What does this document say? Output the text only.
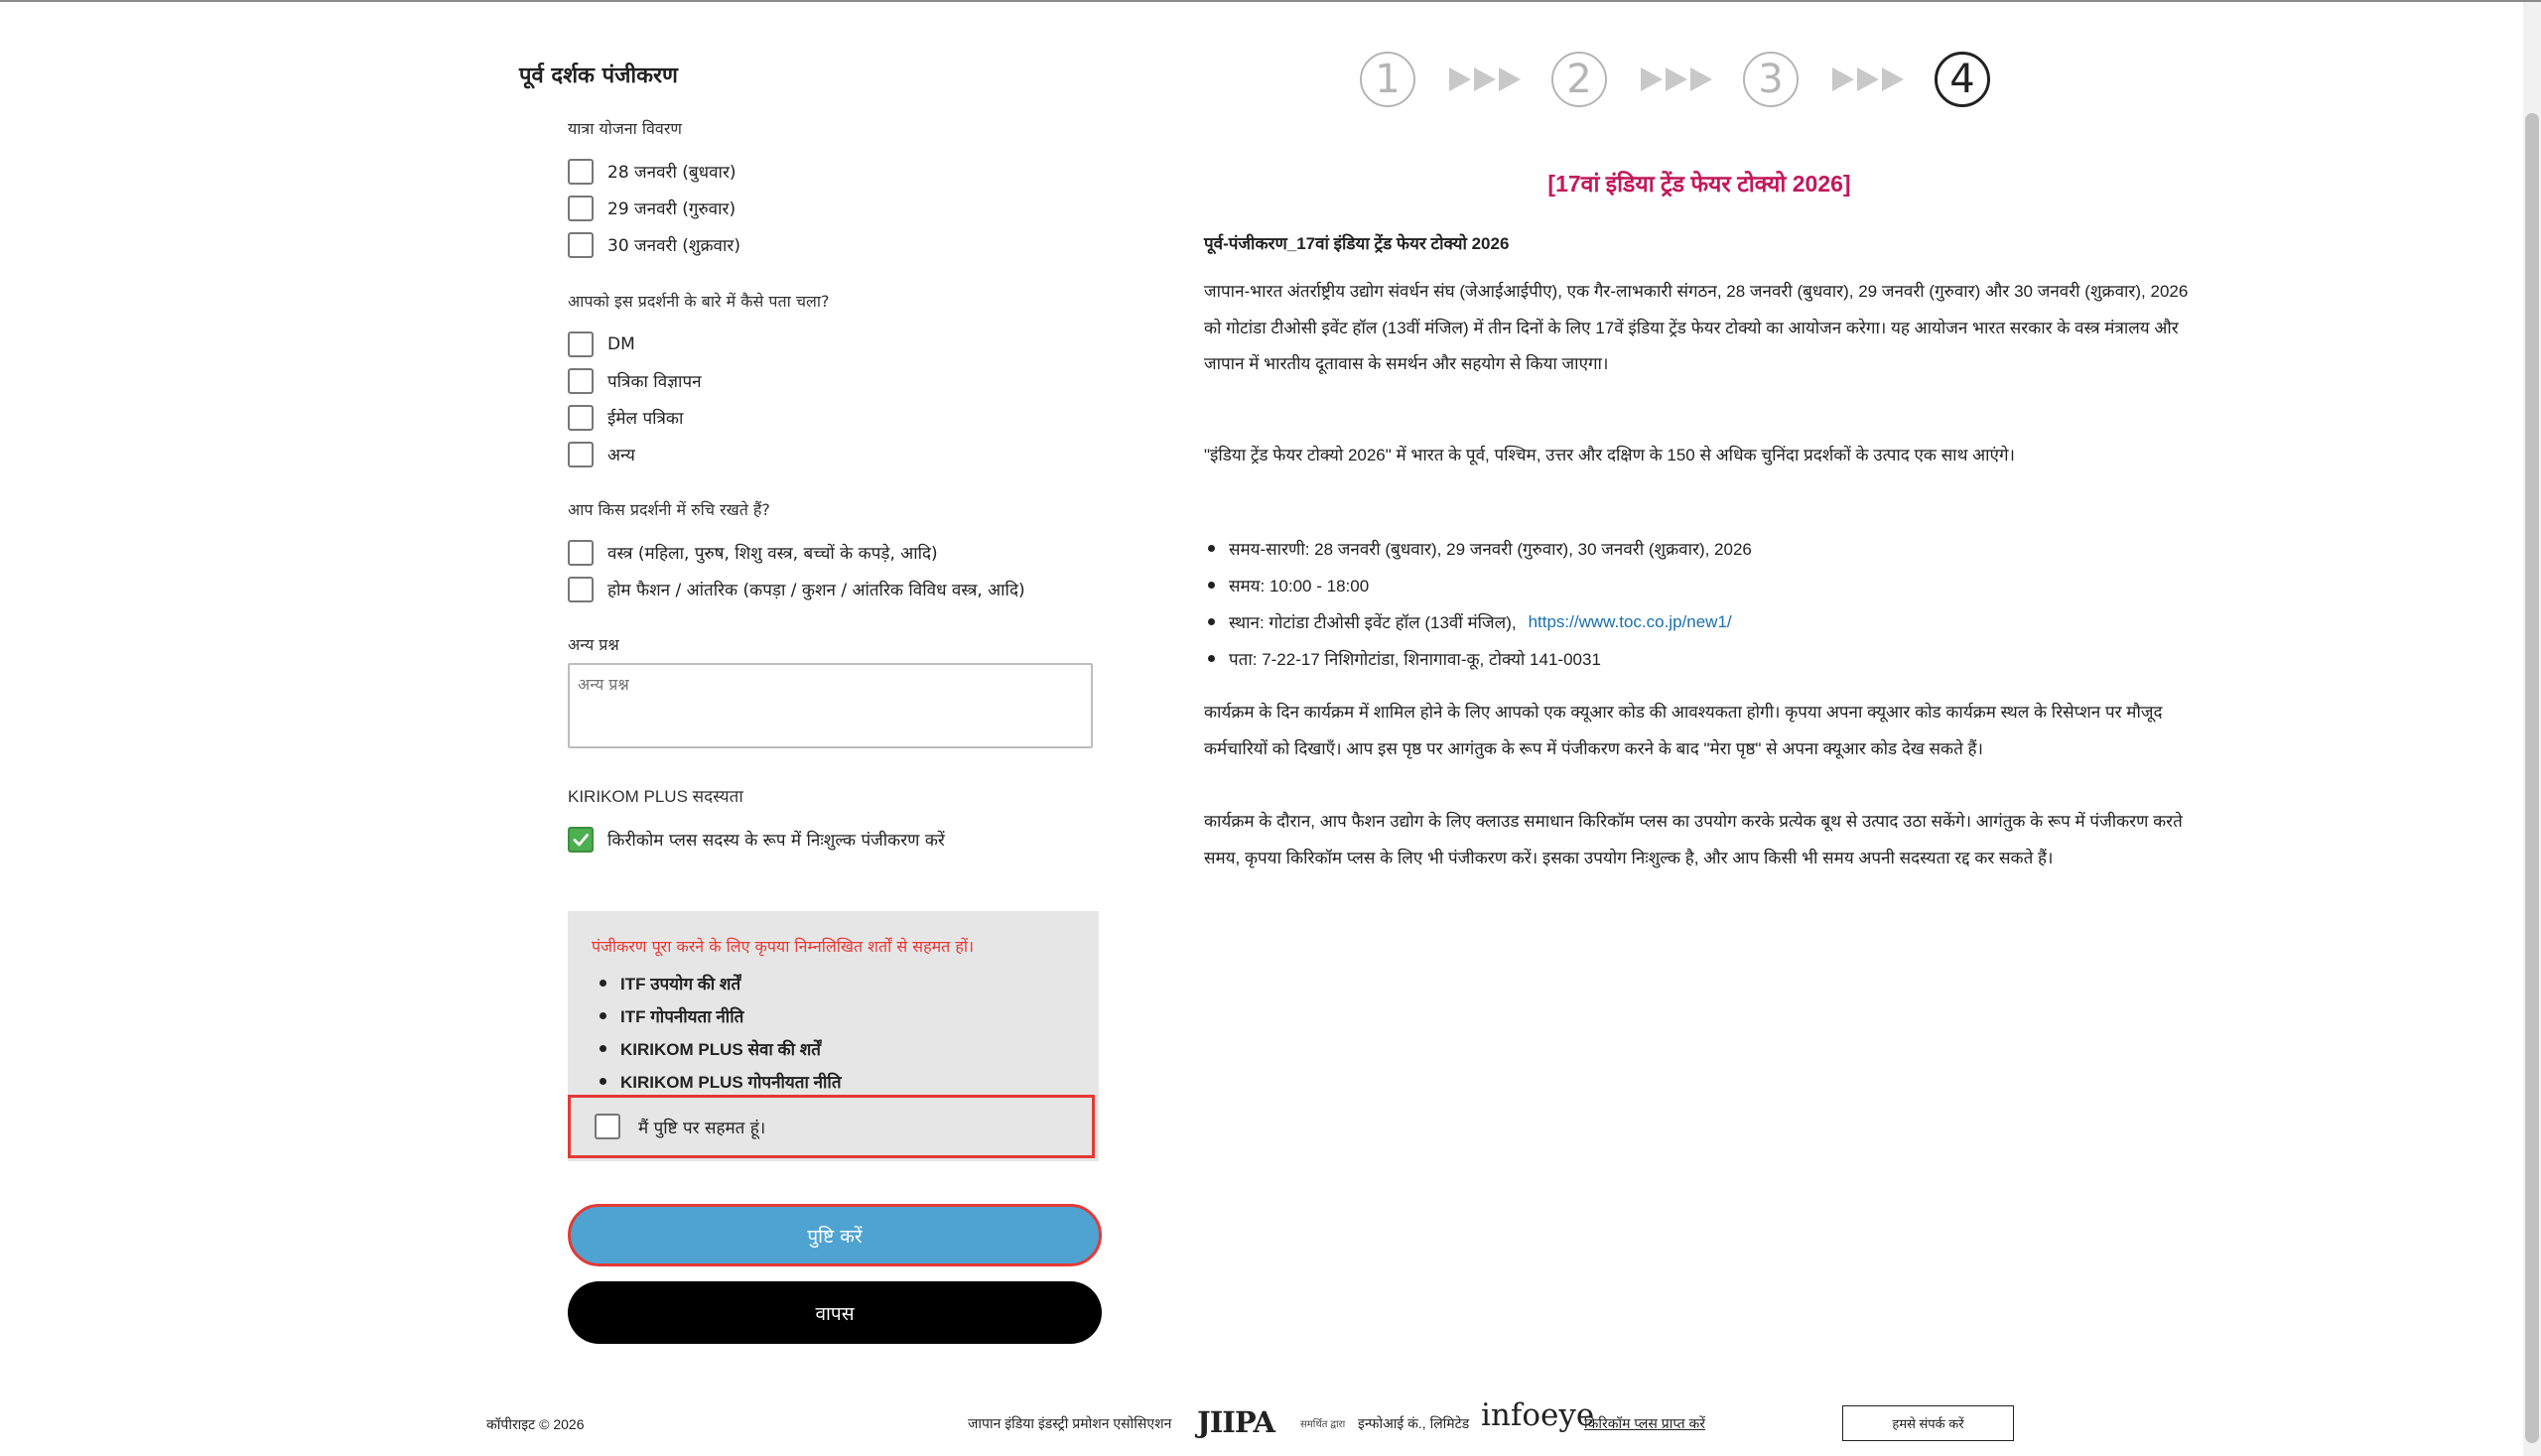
पूर्व दर्शक पंजीकरण
यात्रा योजना विवरण
28 जनवरी (बुधवार)
29 जनवरी (गुरुवार)
30 जनवरी (शुक्रवार)
आपको इस प्रदर्शनी के बारे में कैसे पता चला?
DM
पत्रिका विज्ञापन
ईमेल पत्रिका
अन्य
आप किस प्रदर्शनी में रुचि रखते हैं?
वस्त्र (महिला, पुरुष, शिशु वस्त्र, बच्चों के कपड़े, आदि)
होम फैशन / आंतरिक (कपड़ा / कुशन / आंतरिक विविध वस्त्र, आदि)
अन्य प्रश्न
अन्य प्रश्न
KIRIKOM PLUS सदस्यता
किरीकोम प्लस सदस्य के रूप में निःशुल्क पंजीकरण करें
पंजीकरण पूरा करने के लिए कृपया निम्नलिखित शर्तों से सहमत हों।
ITF उपयोग की शर्तें
ITF गोपनीयता नीति
KIRIKOM PLUS सेवा की शर्तें
KIRIKOM PLUS गोपनीयता नीति
मैं पुष्टि पर सहमत हूं।
पुष्टि करें
वापस
1	2	3	4
[17वां इंडिया ट्रेंड फेयर टोक्यो 2026]
पूर्व-पंजीकरण_17वां इंडिया ट्रेंड फेयर टोक्यो 2026

जापान-भारत अंतर्राष्ट्रीय उद्योग संवर्धन संघ (जेआईआईपीए), एक गैर-लाभकारी संगठन, 28 जनवरी (बुधवार), 29 जनवरी (गुरुवार) और 30 जनवरी (शुक्रवार), 2026 को गोटांडा टीओसी इवेंट हॉल (13वीं मंजिल) में तीन दिनों के लिए 17वें इंडिया ट्रेंड फेयर टोक्यो का आयोजन करेगा। यह आयोजन भारत सरकार के वस्त्र मंत्रालय और जापान में भारतीय दूतावास के समर्थन और सहयोग से किया जाएगा।

"इंडिया ट्रेंड फेयर टोक्यो 2026" में भारत के पूर्व, पश्चिम, उत्तर और दक्षिण के 150 से अधिक चुनिंदा प्रदर्शकों के उत्पाद एक साथ आएंगे।

समय-सारणी: 28 जनवरी (बुधवार), 29 जनवरी (गुरुवार), 30 जनवरी (शुक्रवार), 2026
समय: 10:00 - 18:00
स्थान: गोटांडा टीओसी इवेंट हॉल (13वीं मंजिल), https://www.toc.co.jp/new1/
पता: 7-22-17 निशिगोटांडा, शिनागावा-कू, टोक्यो 141-0031

कार्यक्रम के दिन कार्यक्रम में शामिल होने के लिए आपको एक क्यूआर कोड की आवश्यकता होगी। कृपया अपना क्यूआर कोड कार्यक्रम स्थल के रिसेप्शन पर मौजूद कर्मचारियों को दिखाएँ। आप इस पृष्ठ पर आगंतुक के रूप में पंजीकरण करने के बाद "मेरा पृष्ठ" से अपना क्यूआर कोड देख सकते हैं।

कार्यक्रम के दौरान, आप फैशन उद्योग के लिए क्लाउड समाधान किरिकॉम प्लस का उपयोग करके प्रत्येक बूथ से उत्पाद उठा सकेंगे। आगंतुक के रूप में पंजीकरण करते समय, कृपया किरिकॉम प्लस के लिए भी पंजीकरण करें। इसका उपयोग निःशुल्क है, और आप किसी भी समय अपनी सदस्यता रद्द कर सकते हैं।

कॉपीराइट © 2026	जापान इंडिया इंडस्ट्री प्रमोशन एसोसिएशन JIIPA	समर्थित द्वारा इन्फोआई कं., लिमिटेड infoeye
किरिकॉम प्लस प्राप्त करें	हमसे संपर्क करें
